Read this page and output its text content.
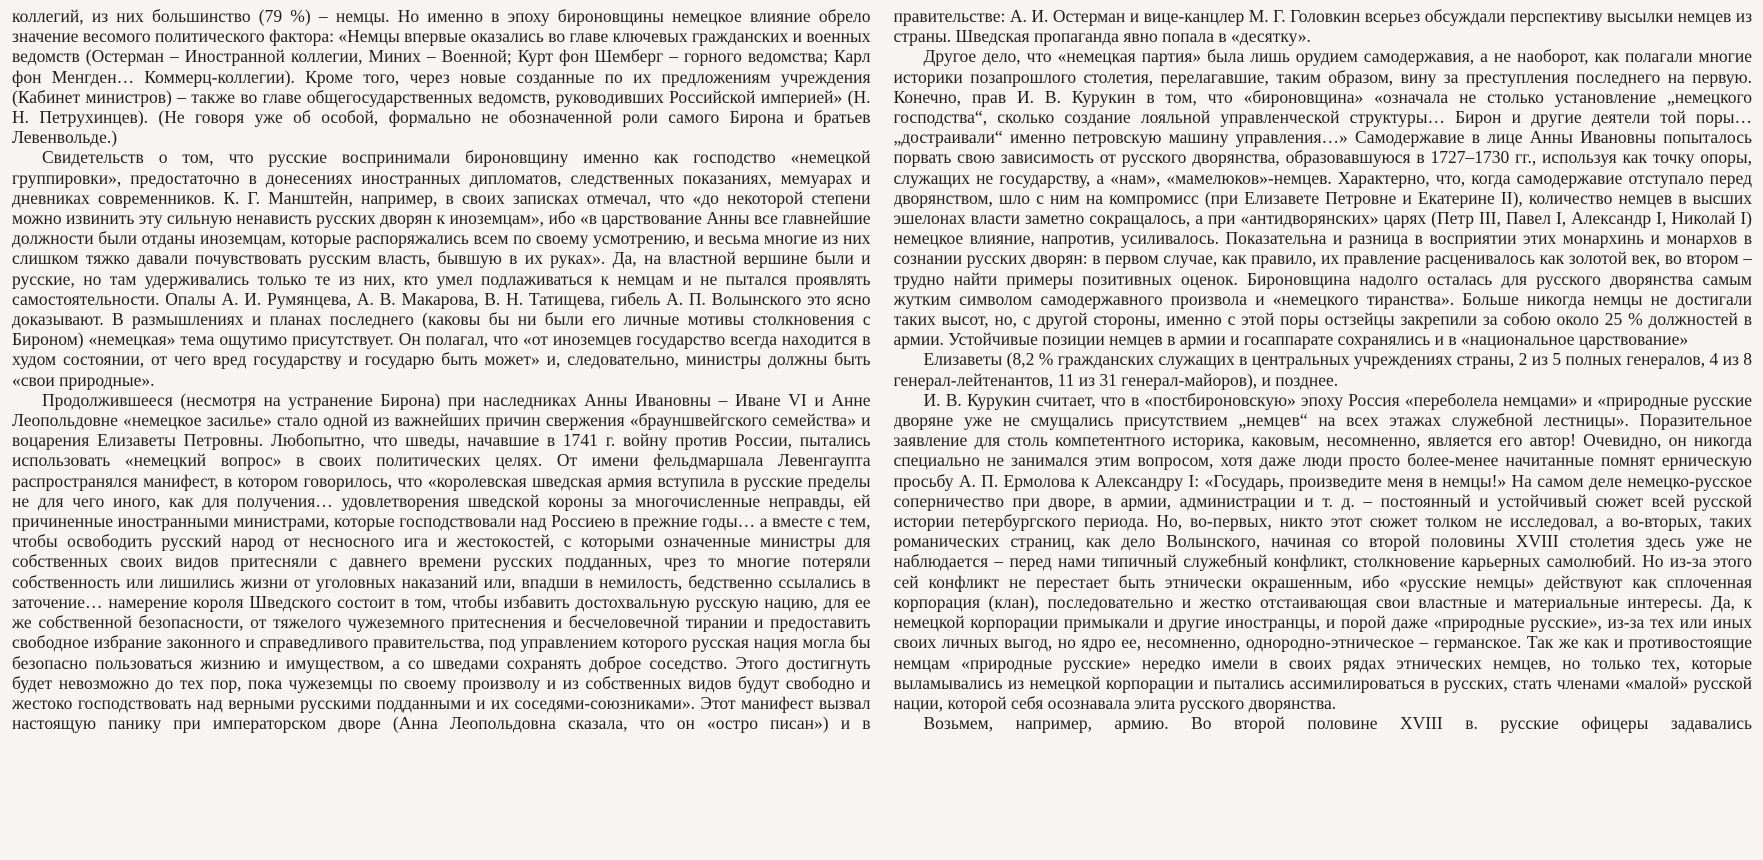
коллегий, из них большинство (79 %) – немцы. Но именно в эпоху бироновщины немецкое влияние обрело значение весомого политического фактора: «Немцы впервые оказались во главе ключевых гражданских и военных ведомств (Остерман – Иностранной коллегии, Миних – Военной; Курт фон Шемберг – горного ведомства; Карл фон Менгден… Коммерц-коллегии). Кроме того, через новые созданные по их предложениям учреждения (Кабинет министров) – также во главе общегосударственных ведомств, руководивших Российской империей» (Н. Н. Петрухинцев). (Не говоря уже об особой, формально не обозначенной роли самого Бирона и братьев Левенвольде.)

Свидетельств о том, что русские воспринимали бироновщину именно как господство «немецкой группировки», предостаточно в донесениях иностранных дипломатов, следственных показаниях, мемуарах и дневниках современников. К. Г. Манштейн, например, в своих записках отмечал, что «до некоторой степени можно извинить эту сильную ненависть русских дворян к иноземцам», ибо «в царствование Анны все главнейшие должности были отданы иноземцам, которые распоряжались всем по своему усмотрению, и весьма многие из них слишком тяжко давали почувствовать русским власть, бывшую в их руках». Да, на властной вершине были и русские, но там удерживались только те из них, кто умел подлаживаться к немцам и не пытался проявлять самостоятельности. Опалы А. И. Румянцева, А. В. Макарова, В. Н. Татищева, гибель А. П. Волынского это ясно доказывают. В размышлениях и планах последнего (каковы бы ни были его личные мотивы столкновения с Бироном) «немецкая» тема ощутимо присутствует. Он полагал, что «от иноземцев государство всегда находится в худом состоянии, от чего вред государству и государю быть может» и, следовательно, министры должны быть «свои природные».

Продолжившееся (несмотря на устранение Бирона) при наследниках Анны Ивановны – Иване VI и Анне Леопольдовне «немецкое засилье» стало одной из важнейших причин свержения «брауншвейгского семейства» и воцарения Елизаветы Петровны. Любопытно, что шведы, начавшие в 1741 г. войну против России, пытались использовать «немецкий вопрос» в своих политических целях. От имени фельдмаршала Левенгаупта распространялся манифест, в котором говорилось, что «королевская шведская армия вступила в русские пределы не для чего иного, как для получения… удовлетворения шведской короны за многочисленные неправды, ей причиненные иностранными министрами, которые господствовали над Россиею в прежние годы… а вместе с тем, чтобы освободить русский народ от несносного ига и жестокостей, с которыми означенные министры для собственных своих видов притесняли с давнего времени русских подданных, чрез то многие потеряли собственность или лишились жизни от уголовных наказаний или, впадши в немилость, бедственно ссылались в заточение… намерение короля Шведского состоит в том, чтобы избавить достохвальную русскую нацию, для ее же собственной безопасности, от тяжелого чужеземного притеснения и бесчеловечной тирании и предоставить свободное избрание законного и справедливого правительства, под управлением которого русская нация могла бы безопасно пользоваться жизнию и имуществом, а со шведами сохранять доброе соседство. Этого достигнуть будет невозможно до тех пор, пока чужеземцы по своему произволу и из собственных видов будут свободно и жестоко господствовать над верными русскими подданными и их соседями-союзниками». Этот манифест вызвал настоящую панику при императорском дворе (Анна Леопольдовна сказала, что он «остро писан») и в

правительстве: А. И. Остерман и вице-канцлер М. Г. Головкин всерьез обсуждали перспективу высылки немцев из страны. Шведская пропаганда явно попала в «десятку».

Другое дело, что «немецкая партия» была лишь орудием самодержавия, а не наоборот, как полагали многие историки позапрошлого столетия, перелагавшие, таким образом, вину за преступления последнего на первую. Конечно, прав И. В. Курукин в том, что «бироновщина» «означала не столько установление „немецкого господства“, сколько создание лояльной управленческой структуры… Бирон и другие деятели той поры… „достраивали“ именно петровскую машину управления…» Самодержавие в лице Анны Ивановны попыталось порвать свою зависимость от русского дворянства, образовавшуюся в 1727–1730 гг., используя как точку опоры, служащих не государству, а «нам», «мамелюков»-немцев. Характерно, что, когда самодержавие отступало перед дворянством, шло с ним на компромисс (при Елизавете Петровне и Екатерине II), количество немцев в высших эшелонах власти заметно сокращалось, а при «антидворянских» царях (Петр III, Павел I, Александр I, Николай I) немецкое влияние, напротив, усиливалось. Показательна и разница в восприятии этих монархинь и монархов в сознании русских дворян: в первом случае, как правило, их правление расценивалось как золотой век, во втором – трудно найти примеры позитивных оценок. Бироновщина надолго осталась для русского дворянства самым жутким символом самодержавного произвола и «немецкого тиранства». Больше никогда немцы не достигали таких высот, но, с другой стороны, именно с этой поры остзейцы закрепили за собою около 25 % должностей в армии. Устойчивые позиции немцев в армии и госаппарате сохранялись и в «национальное царствование»

Елизаветы (8,2 % гражданских служащих в центральных учреждениях страны, 2 из 5 полных генералов, 4 из 8 генерал-лейтенантов, 11 из 31 генерал-майоров), и позднее.

И. В. Курукин считает, что в «постбироновскую» эпоху Россия «переболела немцами» и «природные русские дворяне уже не смущались присутствием „немцев“ на всех этажах служебной лестницы». Поразительное заявление для столь компетентного историка, каковым, несомненно, является его автор! Очевидно, он никогда специально не занимался этим вопросом, хотя даже люди просто более-менее начитанные помнят ерническую просьбу А. П. Ермолова к Александру I: «Государь, произведите меня в немцы!» На самом деле немецко-русское соперничество при дворе, в армии, администрации и т. д. – постоянный и устойчивый сюжет всей русской истории петербургского периода. Но, во-первых, никто этот сюжет толком не исследовал, а во-вторых, таких романических страниц, как дело Волынского, начиная со второй половины XVIII столетия здесь уже не наблюдается – перед нами типичный служебный конфликт, столкновение карьерных самолюбий. Но из-за этого сей конфликт не перестает быть этнически окрашенным, ибо «русские немцы» действуют как сплоченная корпорация (клан), последовательно и жестко отстаивающая свои властные и материальные интересы. Да, к немецкой корпорации примыкали и другие иностранцы, и порой даже «природные русские», из-за тех или иных своих личных выгод, но ядро ее, несомненно, однородно-этническое – германское. Так же как и противостоящие немцам «природные русские» нередко имели в своих рядах этнических немцев, но только тех, которые выламывались из немецкой корпорации и пытались ассимилироваться в русских, стать членами «малой» русской нации, которой себя осознавала элита русского дворянства.

Возьмем, например, армию. Во второй половине XVIII в. русские офицеры задавались
